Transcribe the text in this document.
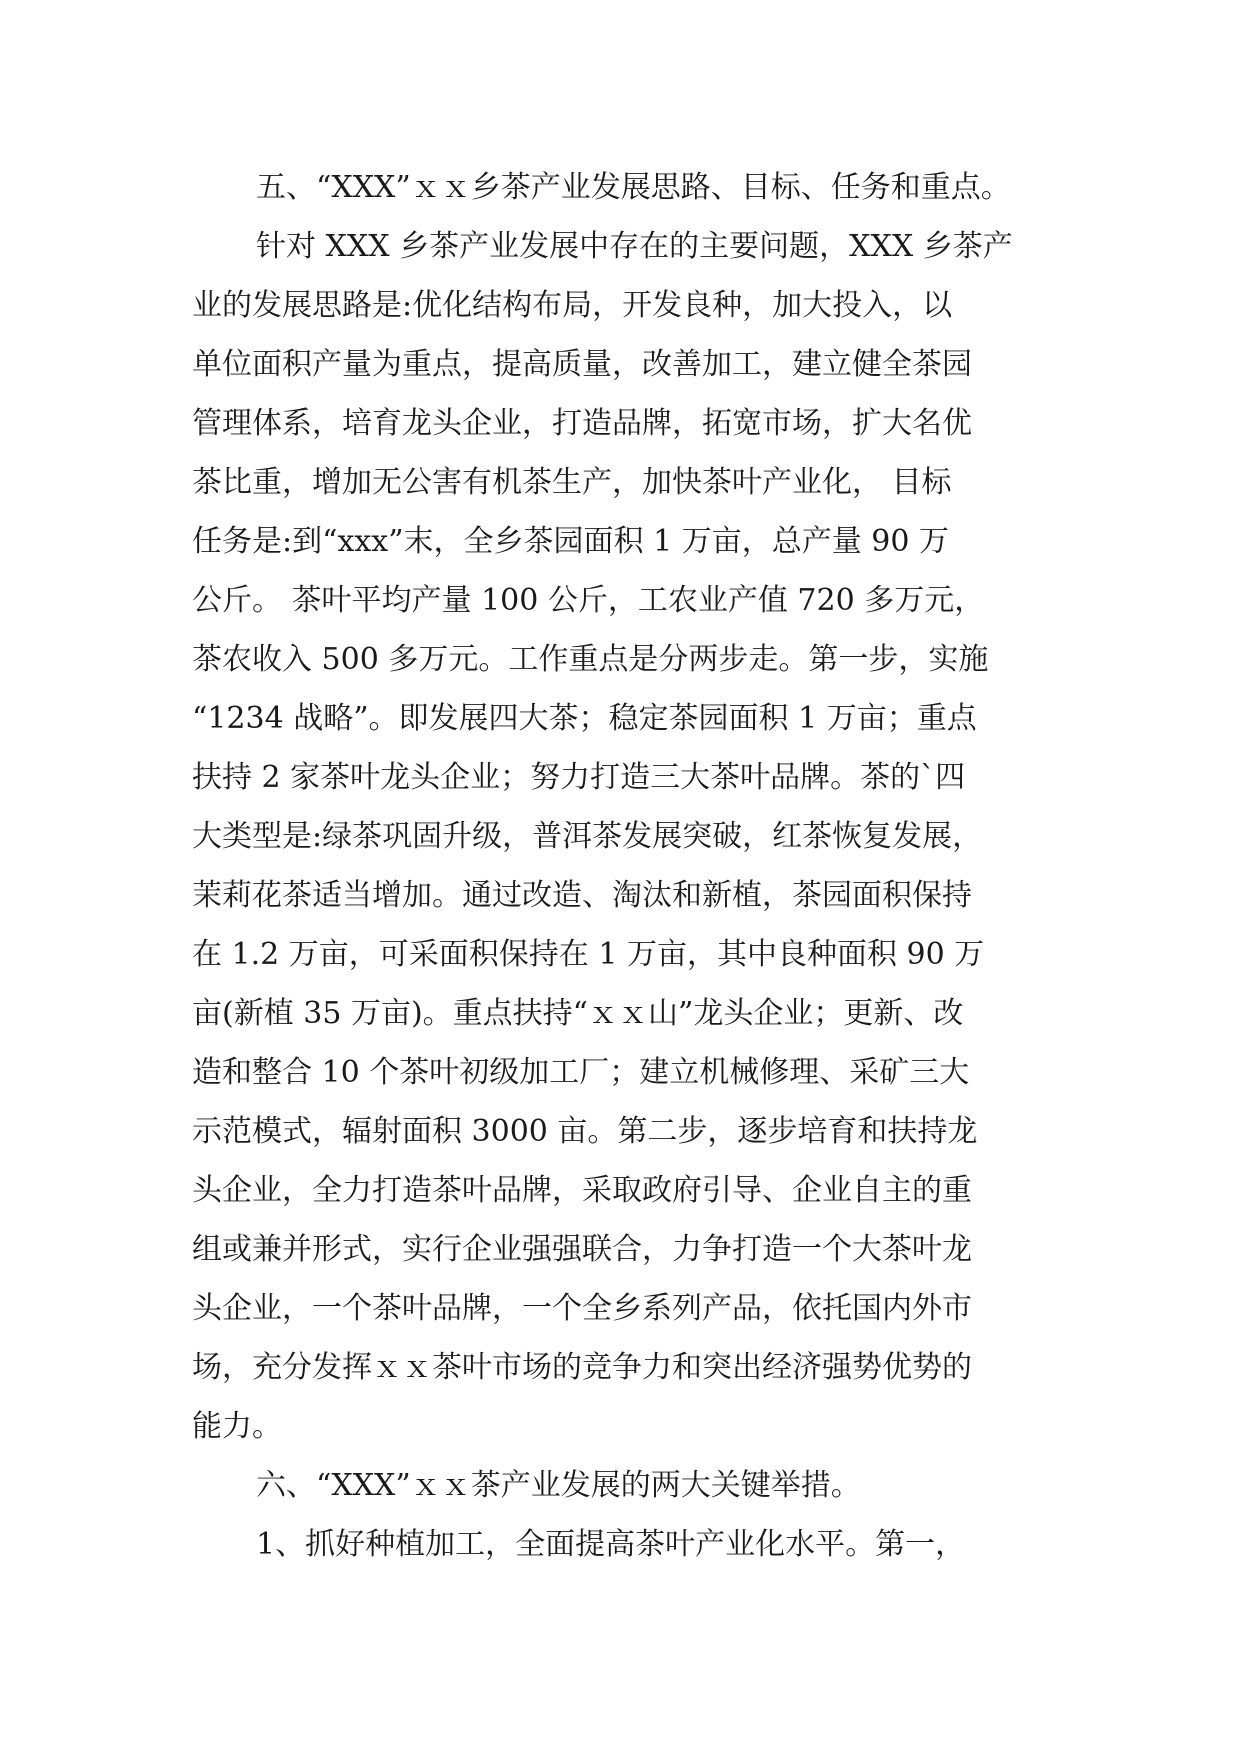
五、“XXX”ｘｘ乡茶产业发展思路、目标、任务和重点。
针对 XXX 乡茶产业发展中存在的主要问题，XXX 乡茶产
业的发展思路是:优化结构布局，开发良种，加大投入，以
单位面积产量为重点，提高质量，改善加工，建立健全茶园
管理体系，培育龙头企业，打造品牌，拓宽市场，扩大名优
茶比重，增加无公害有机茶生产，加快茶叶产业化， 目标
任务是:到“xxx”末，全乡茶园面积 1 万亩，总产量 90 万
公斤。 茶叶平均产量 100 公斤，工农业产值 720 多万元，
茶农收入 500 多万元。工作重点是分两步走。第一步，实施
“1234 战略”。即发展四大茶；稳定茶园面积 1 万亩；重点
扶持 2 家茶叶龙头企业；努力打造三大茶叶品牌。茶的`四
大类型是:绿茶巩固升级，普洱茶发展突破，红茶恢复发展，
茉莉花茶适当增加。通过改造、淘汰和新植，茶园面积保持
在 1.2 万亩，可采面积保持在 1 万亩，其中良种面积 90 万
亩(新植 35 万亩)。重点扶持“ｘｘ山”龙头企业；更新、改
造和整合 10 个茶叶初级加工厂；建立机械修理、采矿三大
示范模式，辐射面积 3000 亩。第二步，逐步培育和扶持龙
头企业，全力打造茶叶品牌，采取政府引导、企业自主的重
组或兼并形式，实行企业强强联合，力争打造一个大茶叶龙
头企业，一个茶叶品牌，一个全乡系列产品，依托国内外市
场，充分发挥ｘｘ茶叶市场的竞争力和突出经济强势优势的
能力。
六、“XXX”ｘｘ茶产业发展的两大关键举措。
1、抓好种植加工，全面提高茶叶产业化水平。第一，
